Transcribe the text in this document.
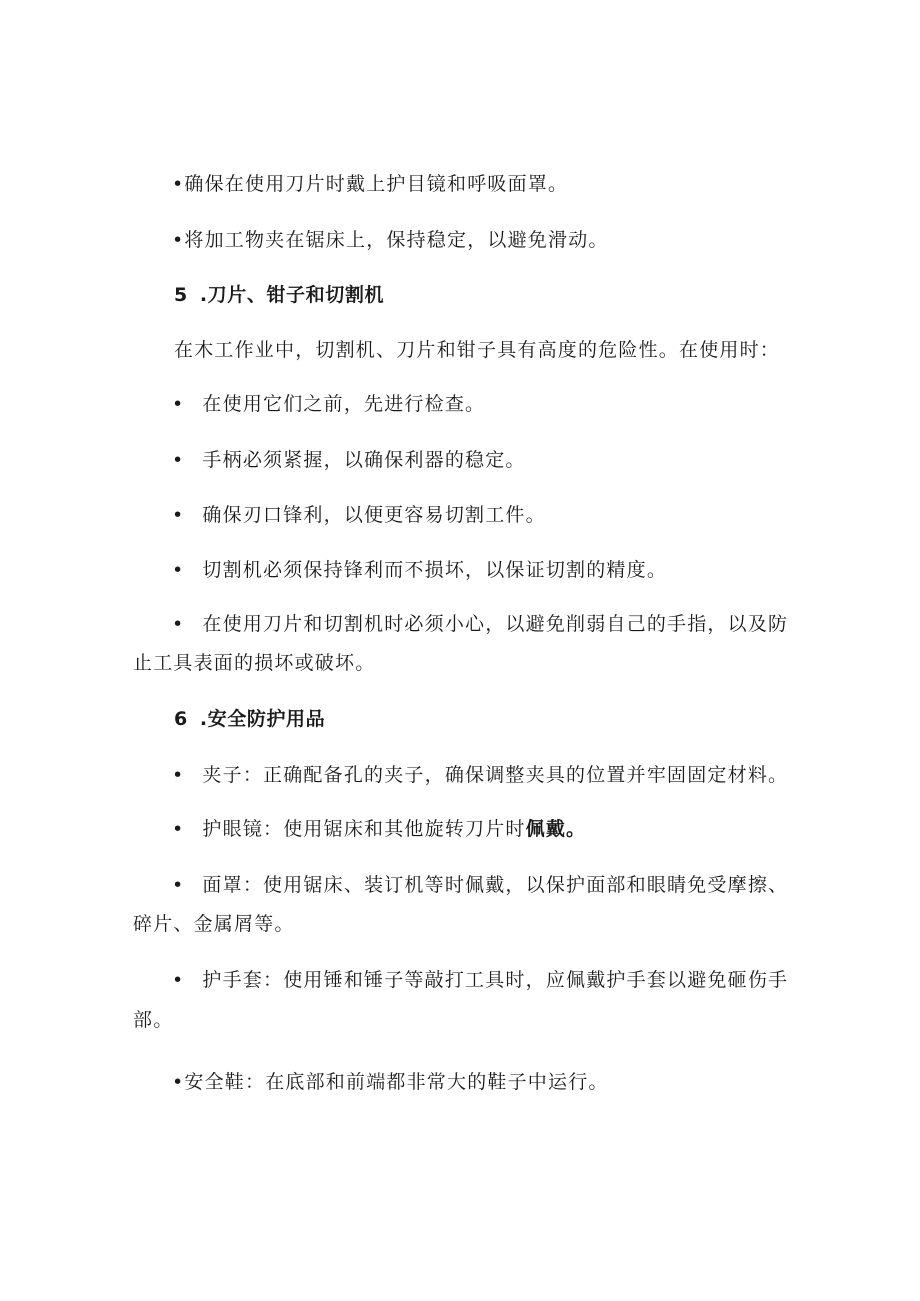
•确保在使用刀片时戴上护目镜和呼吸面罩。
•将加工物夹在锯床上，保持稳定，以避免滑动。
5 .刀片、钳子和切割机
在木工作业中，切割机、刀片和钳子具有高度的危险性。在使用时：
• 在使用它们之前，先进行检查。
• 手柄必须紧握，以确保利器的稳定。
• 确保刃口锋利，以便更容易切割工件。
• 切割机必须保持锋利而不损坏，以保证切割的精度。
• 在使用刀片和切割机时必须小心，以避免削弱自己的手指，以及防
止工具表面的损坏或破坏。
6 .安全防护用品
• 夹子：正确配备孔的夹子，确保调整夹具的位置并牢固固定材料。
• 护眼镜：使用锯床和其他旋转刀片时佩戴。
• 面罩：使用锯床、装订机等时佩戴，以保护面部和眼睛免受摩擦、
碎片、金属屑等。
• 护手套：使用锤和锤子等敲打工具时，应佩戴护手套以避免砸伤手
部。
•安全鞋：在底部和前端都非常大的鞋子中运行。
